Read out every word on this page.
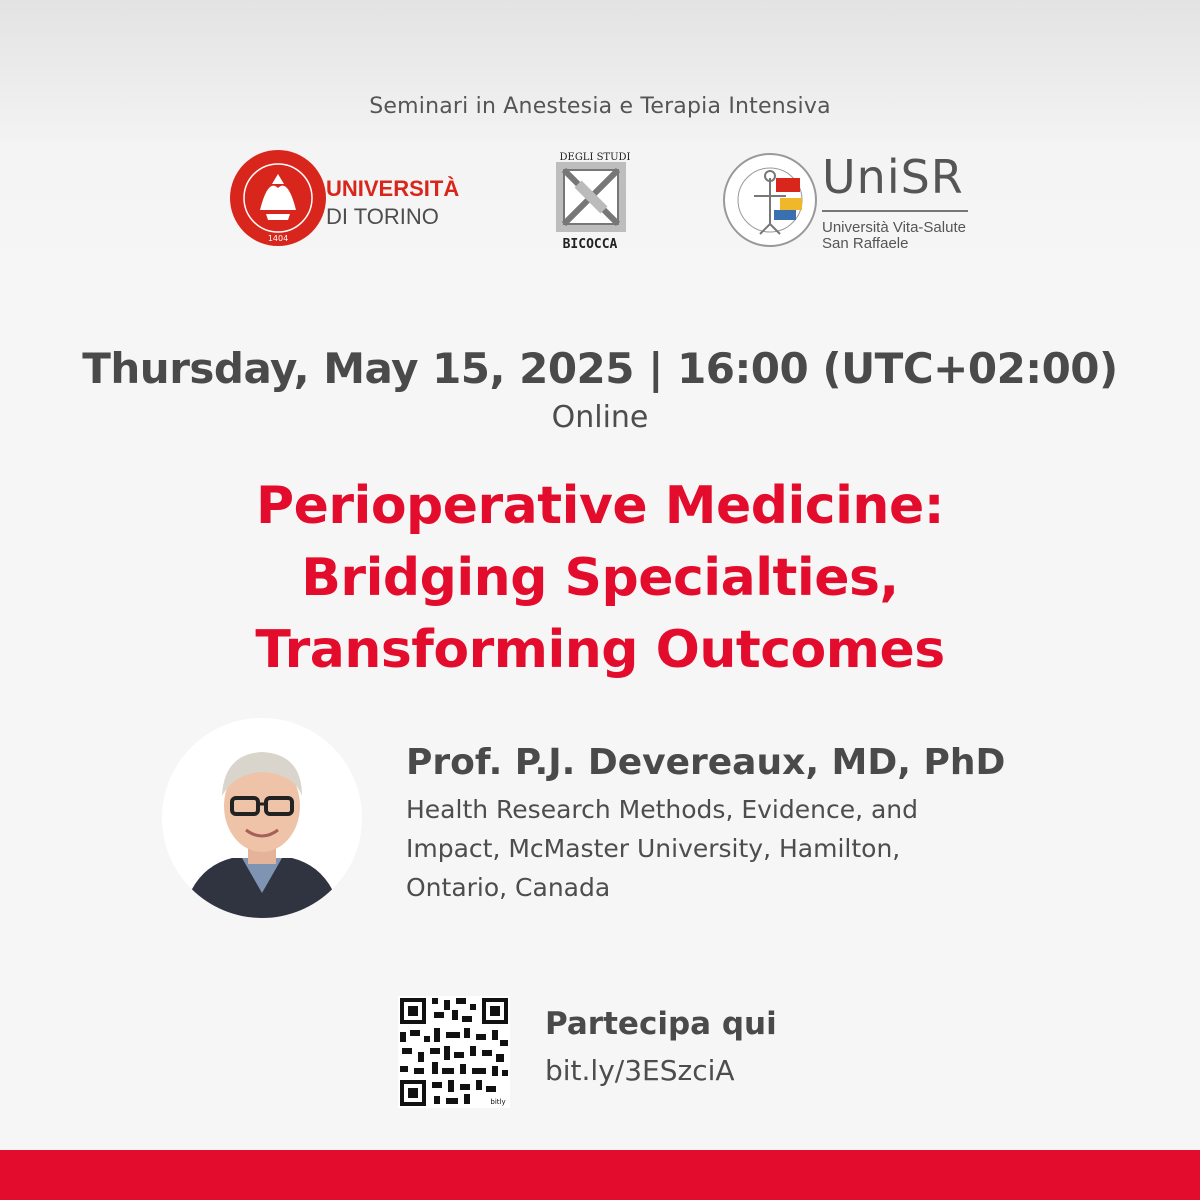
Seminari in Anestesia e Terapia Intensiva
1404
UNIVERSITÀ
DI TORINO
DEGLI STUDI
BICOCCA
UniSR
Università Vita-Salute
San Raffaele
Thursday, May 15, 2025 | 16:00 (UTC+02:00)
Online
Perioperative Medicine:
Bridging Specialties,
Transforming Outcomes
Prof. P.J. Devereaux, MD, PhD
Health Research Methods, Evidence, and
Impact, McMaster University, Hamilton,
Ontario, Canada
bitly
Partecipa qui
bit.ly/3ESzciA
